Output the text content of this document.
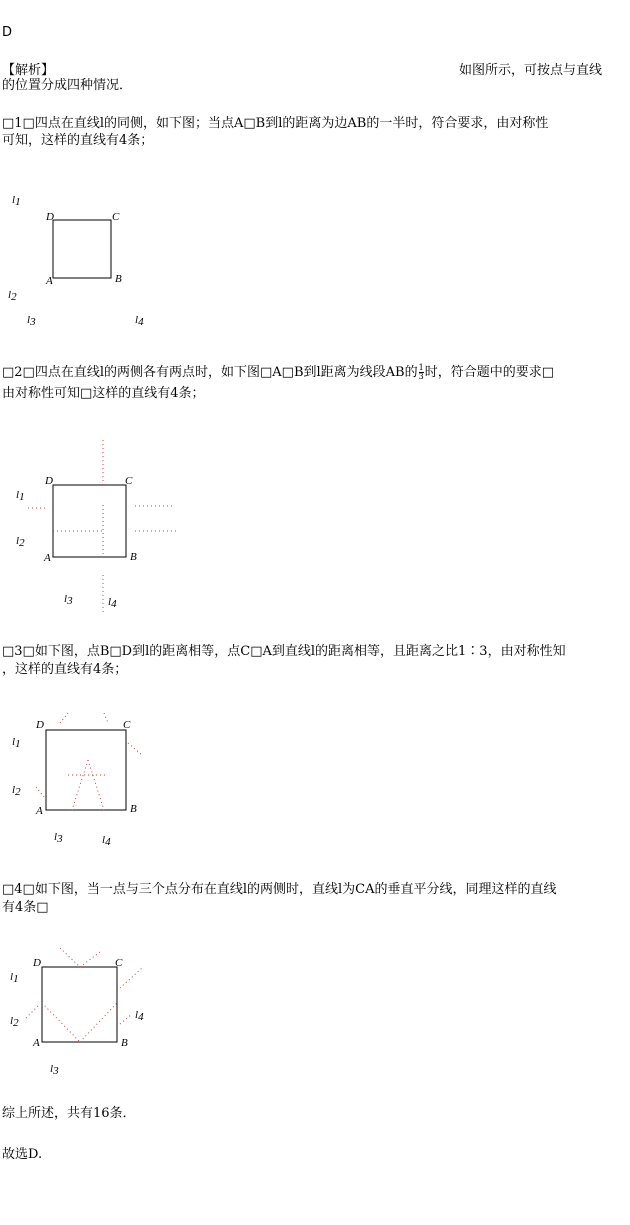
D
【解析】	如图所示，可按点与直线
的位置分成四种情况．
□1□四点在直线l的同侧，如下图；当点A□B到l的距离为边AB的一半时，符合要求，由对称性
可知，这样的直线有4条；
D	C
A	B
l1
l2
l3	l4
□2□四点在直线l的两侧各有两点时，如下图□A□B到l距离为线段AB的 $\frac{1}{3}$ 时，符合题中的要求□
由对称性可知□这样的直线有4条；
D	C
A	B
l1
l2
l3	l4
□3□如下图，点B□D到l的距离相等，点C□A到直线l的距离相等，且距离之比1∶3，由对称性知
，这样的直线有4条；
D	C
A	B
l1
l2
l3	l4
□4□如下图，当一点与三个点分布在直线l的两侧时，直线l为CA的垂直平分线，同理这样的直线
有4条□
D	C
A	B
l1
l2
l3
l4
综上所述，共有16条．
故选D.
